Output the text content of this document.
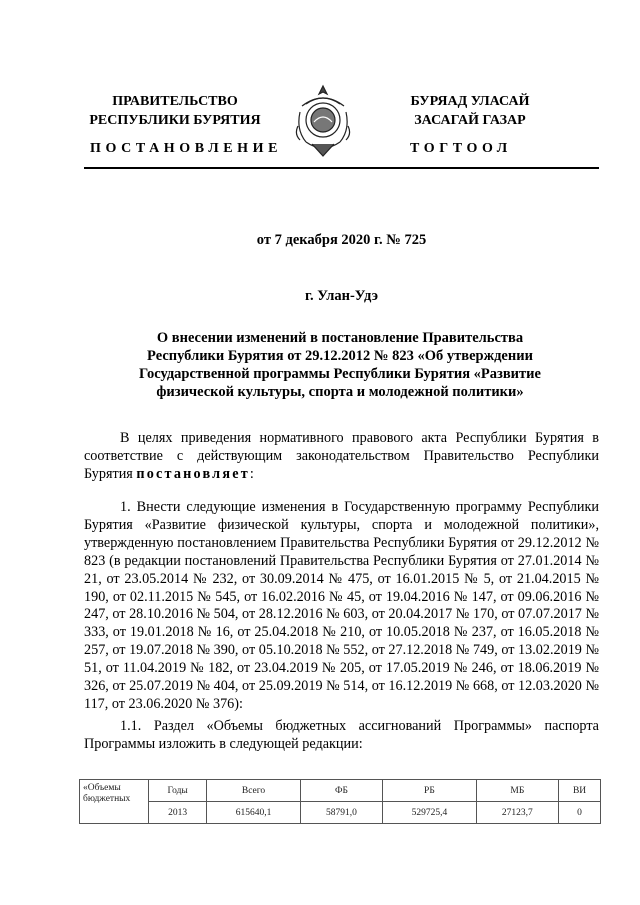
ПРАВИТЕЛЬСТВО
РЕСПУБЛИКИ БУРЯТИЯ
БУРЯАД УЛАСАЙ
ЗАСАГАЙ ГАЗАР
ПОСТАНОВЛЕНИЕ	ТОГТООЛ
от 7 декабря 2020 г. № 725
г. Улан-Удэ
О внесении изменений в постановление Правительства Республики Бурятия от 29.12.2012 № 823 «Об утверждении Государственной программы Республики Бурятия «Развитие физической культуры, спорта и молодежной политики»
В целях приведения нормативного правового акта Республики Бурятия в соответствие с действующим законодательством Правительство Республики Бурятия постановляет:
1. Внести следующие изменения в Государственную программу Республики Бурятия «Развитие физической культуры, спорта и молодежной политики», утвержденную постановлением Правительства Республики Бурятия от 29.12.2012 № 823 (в редакции постановлений Правительства Республики Бурятия от 27.01.2014 № 21, от 23.05.2014 № 232, от 30.09.2014 № 475, от 16.01.2015 № 5, от 21.04.2015 № 190, от 02.11.2015 № 545, от 16.02.2016 № 45, от 19.04.2016 № 147, от 09.06.2016 № 247, от 28.10.2016 № 504, от 28.12.2016 № 603, от 20.04.2017 № 170, от 07.07.2017 № 333, от 19.01.2018 № 16, от 25.04.2018 № 210, от 10.05.2018 № 237, от 16.05.2018 № 257, от 19.07.2018 № 390, от 05.10.2018 № 552, от 27.12.2018 № 749, от 13.02.2019 № 51, от 11.04.2019 № 182, от 23.04.2019 № 205, от 17.05.2019 № 246, от 18.06.2019 № 326, от 25.07.2019 № 404, от 25.09.2019 № 514, от 16.12.2019 № 668, от 12.03.2020 № 117, от 23.06.2020 № 376):
1.1. Раздел «Объемы бюджетных ассигнований Программы» паспорта Программы изложить в следующей редакции:
«Объемы бюджетных	Годы	Всего	ФБ	РБ	МБ	ВИ
	2013	615640,1	58791,0	529725,4	27123,7	0
